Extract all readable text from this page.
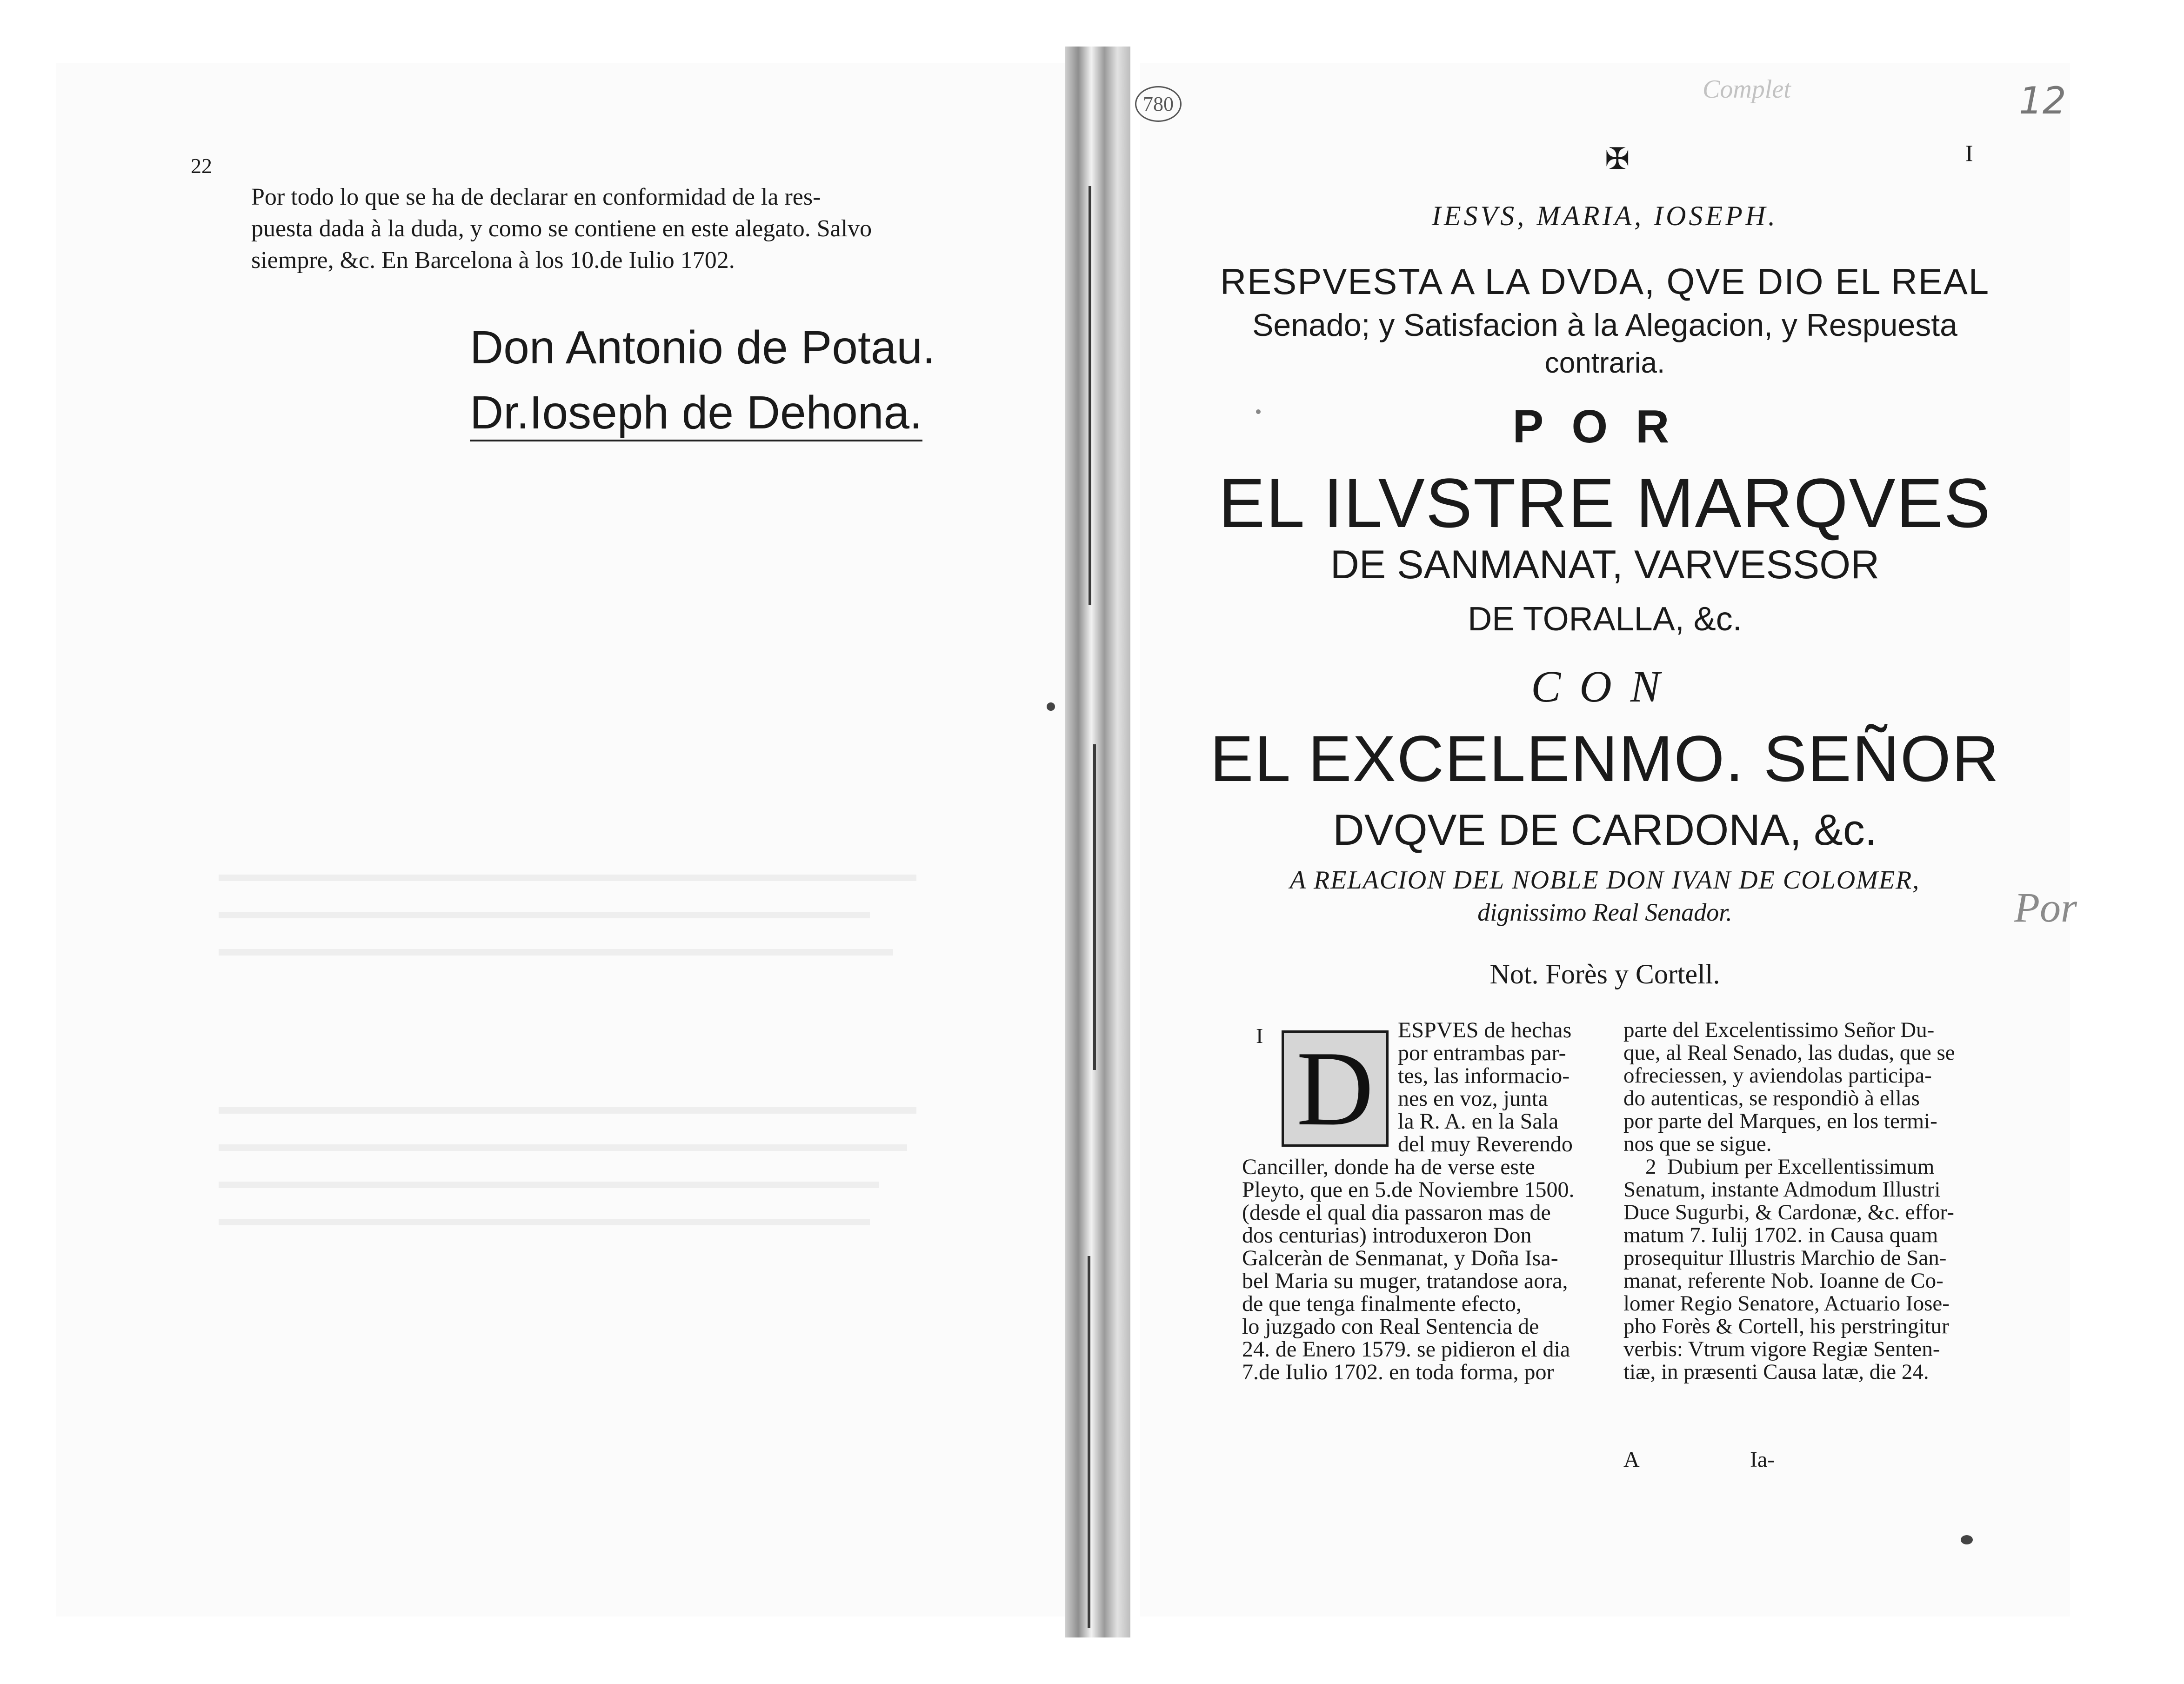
22
Por todo lo que se ha de declarar en conformidad de la res-
puesta dada à la duda, y como se contiene en este alegato. Salvo
siempre, &c. En Barcelona à los 10.de Iulio 1702.
Don Antonio de Potau.
Dr.Ioseph de Dehona.
780
Complet	12
Por
✠	I
IESVS, MARIA, IOSEPH.
RESPVESTA A LA DVDA, QVE DIO EL REAL
Senado; y Satisfacion à la Alegacion, y Respuesta
contraria.
POR
EL ILVSTRE MARQVES
DE SANMANAT, VARVESSOR
DE TORALLA, &c.
CON
EL EXCELENMO. SEÑOR
DVQVE DE CARDONA, &c.
A RELACION DEL NOBLE DON IVAN DE COLOMER,
dignissimo Real Senador.
Not. Forès y Cortell.
I D	ESPVES de hechas
por entrambas par-
tes, las informacio-
nes en voz, junta
la R. A. en la Sala
del muy Reverendo
Canciller, donde ha de verse este
Pleyto, que en 5.de Noviembre 1500.
(desde el qual dia passaron mas de
dos centurias) introduxeron Don
Galceràn de Senmanat, y Doña Isa-
bel Maria su muger, tratandose aora,
de que tenga finalmente efecto,
lo juzgado con Real Sentencia de
24. de Enero 1579. se pidieron el dia
7.de Iulio 1702. en toda forma, por
parte del Excelentissimo Señor Du-
que, al Real Senado, las dudas, que se
ofreciessen, y aviendolas participa-
do autenticas, se respondiò à ellas
por parte del Marques, en los termi-
nos que se sigue.
2  Dubium per Excellentissimum
Senatum, instante Admodum Illustri
Duce Sugurbi, & Cardonæ, &c. effor-
matum 7. Iulij 1702. in Causa quam
prosequitur Illustris Marchio de San-
manat, referente Nob. Ioanne de Co-
lomer Regio Senatore, Actuario Iose-
pho Forès & Cortell, his perstringitur
verbis: Vtrum vigore Regiæ Senten-
tiæ, in præsenti Causa latæ, die 24.
A                    Ia-
